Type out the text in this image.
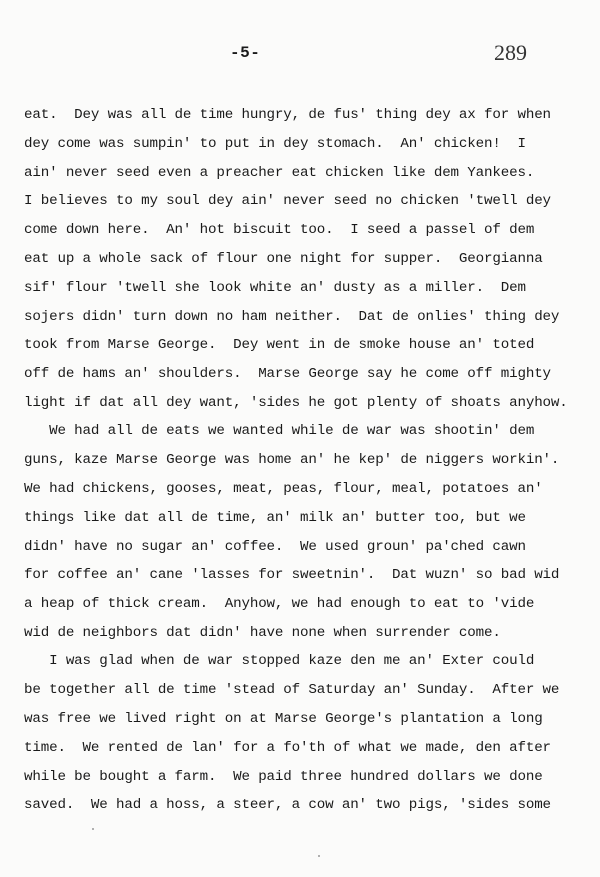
-5-	289
eat.  Dey was all de time hungry, de fus' thing dey ax for when
dey come was sumpin' to put in dey stomach.  An' chicken!  I
ain' never seed even a preacher eat chicken like dem Yankees.
I believes to my soul dey ain' never seed no chicken 'twell dey
come down here.  An' hot biscuit too.  I seed a passel of dem
eat up a whole sack of flour one night for supper.  Georgianna
sif' flour 'twell she look white an' dusty as a miller.  Dem
sojers didn' turn down no ham neither.  Dat de onlies' thing dey
took from Marse George.  Dey went in de smoke house an' toted
off de hams an' shoulders.  Marse George say he come off mighty
light if dat all dey want, 'sides he got plenty of shoats anyhow.
We had all de eats we wanted while de war was shootin' dem
guns, kaze Marse George was home an' he kep' de niggers workin'.
We had chickens, gooses, meat, peas, flour, meal, potatoes an'
things like dat all de time, an' milk an' butter too, but we
didn' have no sugar an' coffee.  We used groun' pa'ched cawn
for coffee an' cane 'lasses for sweetnin'.  Dat wuzn' so bad wid
a heap of thick cream.  Anyhow, we had enough to eat to 'vide
wid de neighbors dat didn' have none when surrender come.
I was glad when de war stopped kaze den me an' Exter could
be together all de time 'stead of Saturday an' Sunday.  After we
was free we lived right on at Marse George's plantation a long
time.  We rented de lan' for a fo'th of what we made, den after
while be bought a farm.  We paid three hundred dollars we done
saved.  We had a hoss, a steer, a cow an' two pigs, 'sides some
